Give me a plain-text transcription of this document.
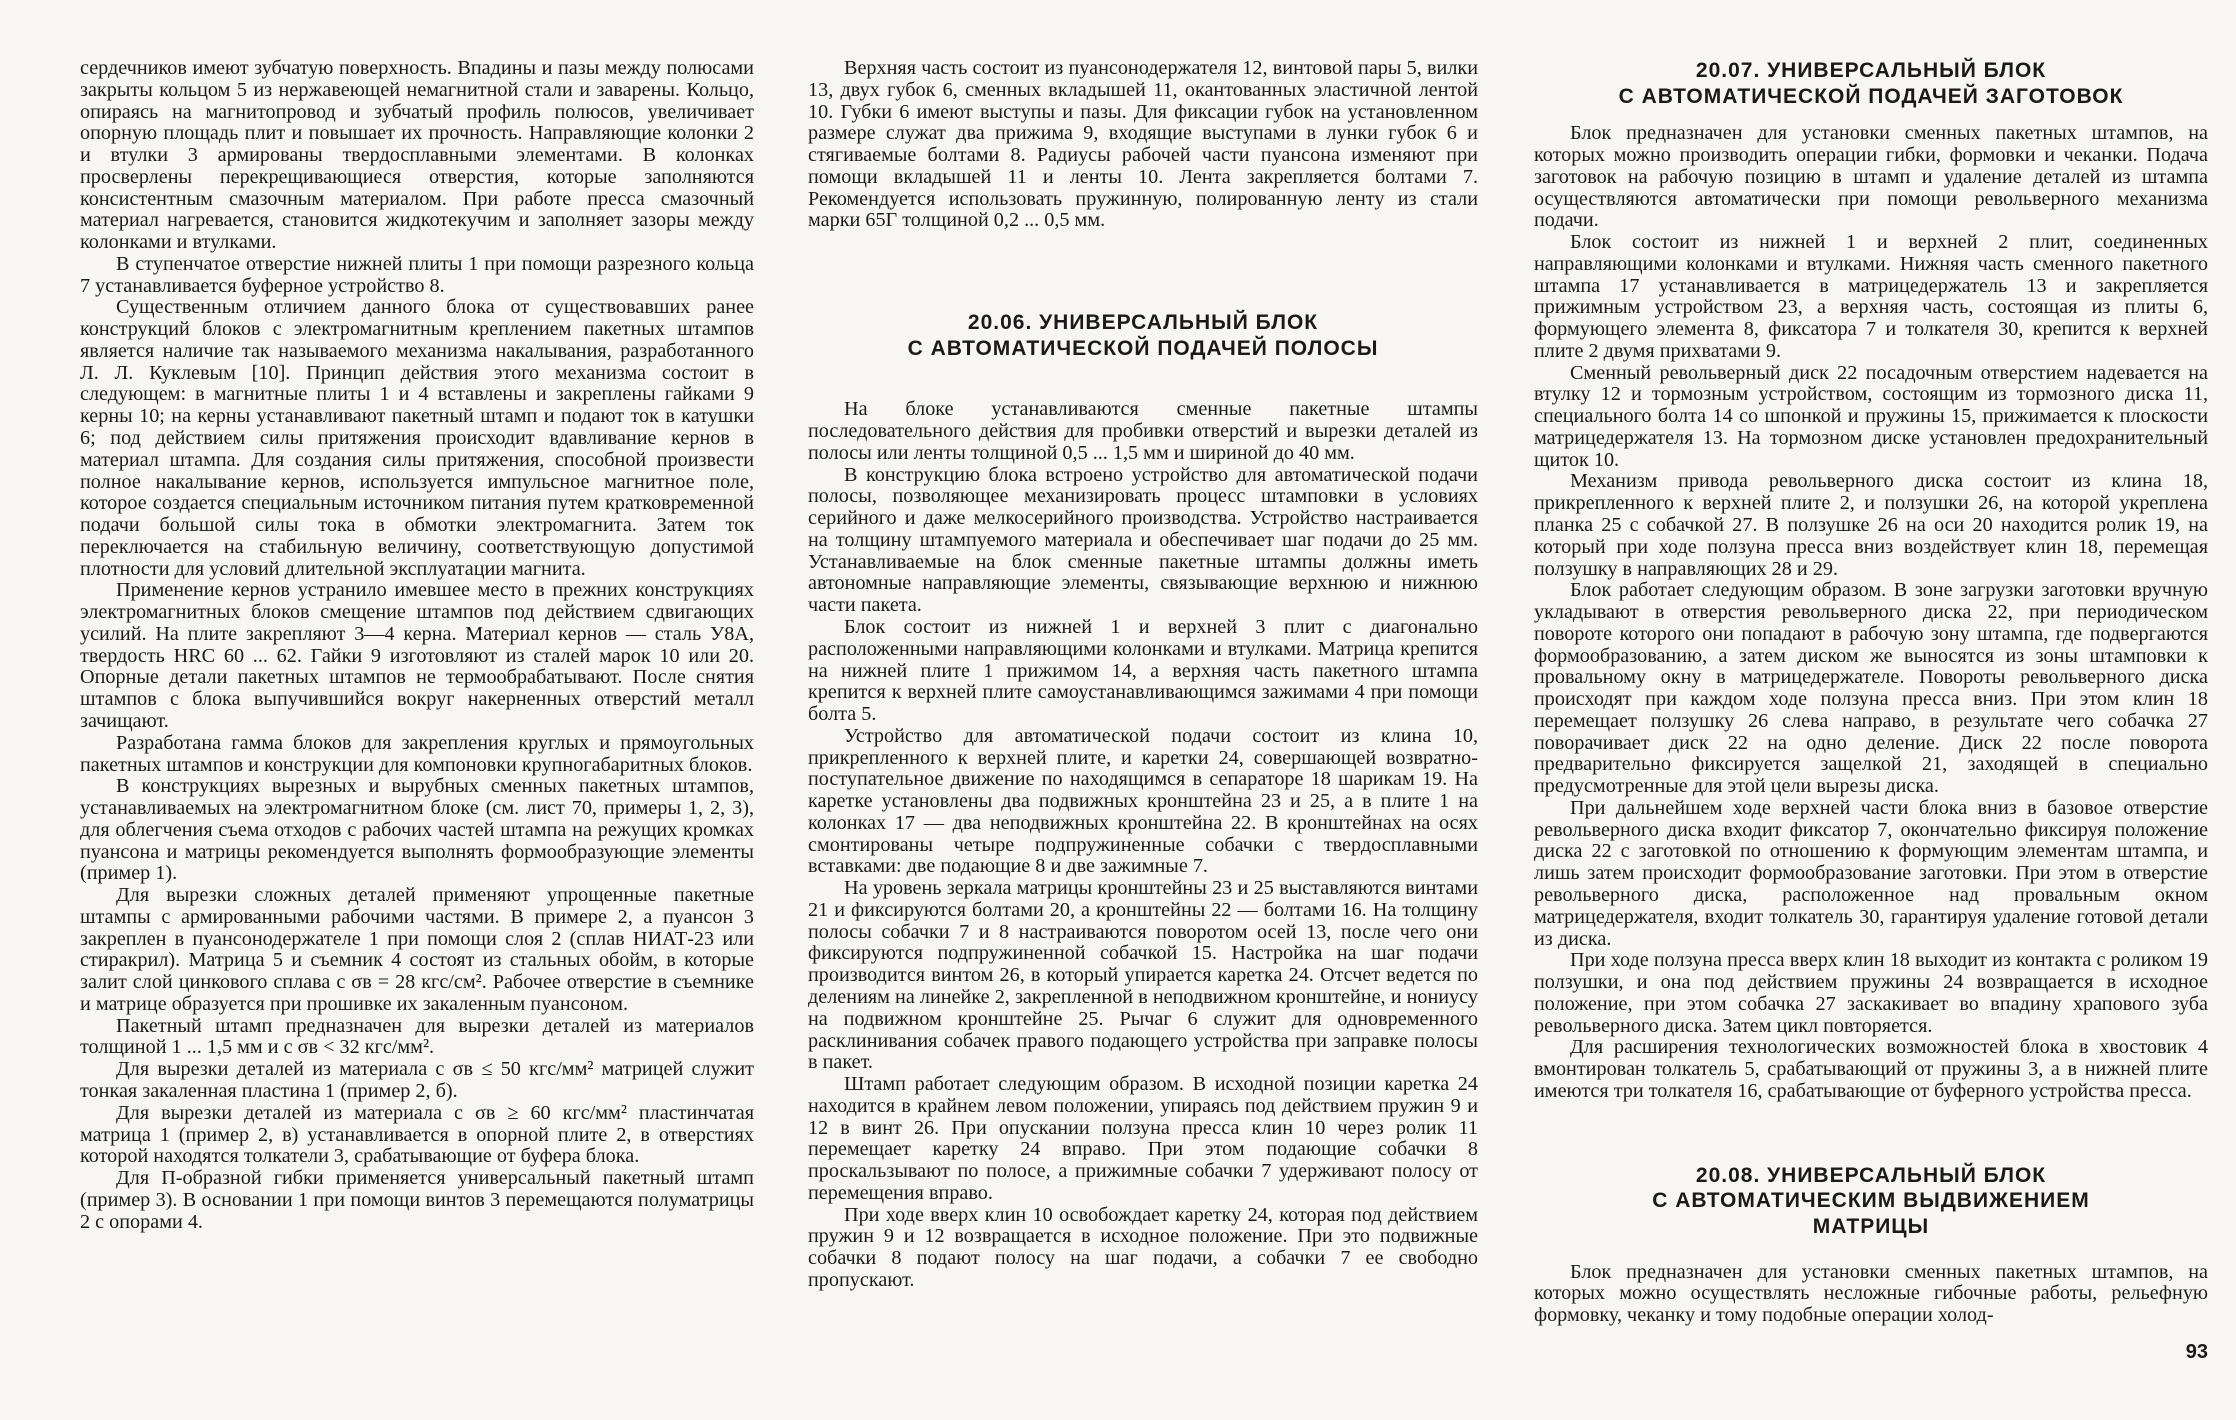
сердечников имеют зубчатую поверхность. Впадины и пазы между полюсами закрыты кольцом 5 из нержавеющей немагнитной стали и заварены. Кольцо, опираясь на магнитопровод и зубчатый профиль полюсов, увеличивает опорную площадь плит и повышает их прочность. Направляющие колонки 2 и втулки 3 армированы твердосплавными элементами. В колонках просверлены перекрещивающиеся отверстия, которые заполняются консистентным смазочным материалом. При работе пресса смазочный материал нагревается, становится жидкотекучим и заполняет зазоры между колонками и втулками.

В ступенчатое отверстие нижней плиты 1 при помощи разрезного кольца 7 устанавливается буферное устройство 8.

Существенным отличием данного блока от существовавших ранее конструкций блоков с электромагнитным креплением пакетных штампов является наличие так называемого механизма накалывания, разработанного Л. Л. Куклевым [10]. Принцип действия этого механизма состоит в следующем: в магнитные плиты 1 и 4 вставлены и закреплены гайками 9 керны 10; на керны устанавливают пакетный штамп и подают ток в катушки 6; под действием силы притяжения происходит вдавливание кернов в материал штампа. Для создания силы притяжения, способной произвести полное накалывание кернов, используется импульсное магнитное поле, которое создается специальным источником питания путем кратковременной подачи большой силы тока в обмотки электромагнита. Затем ток переключается на стабильную величину, соответствующую допустимой плотности для условий длительной эксплуатации магнита.

Применение кернов устранило имевшее место в прежних конструкциях электромагнитных блоков смещение штампов под действием сдвигающих усилий. На плите закрепляют 3—4 керна. Материал кернов — сталь У8А, твердость HRC 60 ... 62. Гайки 9 изготовляют из сталей марок 10 или 20. Опорные детали пакетных штампов не термообрабатывают. После снятия штампов с блока выпучившийся вокруг накерненных отверстий металл зачищают.

Разработана гамма блоков для закрепления круглых и прямоугольных пакетных штампов и конструкции для компоновки крупногабаритных блоков.

В конструкциях вырезных и вырубных сменных пакетных штампов, устанавливаемых на электромагнитном блоке (см. лист 70, примеры 1, 2, 3), для облегчения съема отходов с рабочих частей штампа на режущих кромках пуансона и матрицы рекомендуется выполнять формообразующие элементы (пример 1).

Для вырезки сложных деталей применяют упрощенные пакетные штампы с армированными рабочими частями. В примере 2, а пуансон 3 закреплен в пуансонодержателе 1 при помощи слоя 2 (сплав НИАТ-23 или стиракрил). Матрица 5 и съемник 4 состоят из стальных обойм, в которые залит слой цинкового сплава с σв = 28 кгс/см². Рабочее отверстие в съемнике и матрице образуется при прошивке их закаленным пуансоном.

Пакетный штамп предназначен для вырезки деталей из материалов толщиной 1 ... 1,5 мм и с σв < 32 кгс/мм².

Для вырезки деталей из материала с σв ≤ 50 кгс/мм² матрицей служит тонкая закаленная пластина 1 (пример 2, б).

Для вырезки деталей из материала с σв ≥ 60 кгс/мм² пластинчатая матрица 1 (пример 2, в) устанавливается в опорной плите 2, в отверстиях которой находятся толкатели 3, срабатывающие от буфера блока.

Для П-образной гибки применяется универсальный пакетный штамп (пример 3). В основании 1 при помощи винтов 3 перемещаются полуматрицы 2 с опорами 4.

Верхняя часть состоит из пуансонодержателя 12, винтовой пары 5, вилки 13, двух губок 6, сменных вкладышей 11, окантованных эластичной лентой 10. Губки 6 имеют выступы и пазы. Для фиксации губок на установленном размере служат два прижима 9, входящие выступами в лунки губок 6 и стягиваемые болтами 8. Радиусы рабочей части пуансона изменяют при помощи вкладышей 11 и ленты 10. Лента закрепляется болтами 7. Рекомендуется использовать пружинную, полированную ленту из стали марки 65Г толщиной 0,2 ... 0,5 мм.

20.06. УНИВЕРСАЛЬНЫЙ БЛОК
С АВТОМАТИЧЕСКОЙ ПОДАЧЕЙ ПОЛОСЫ

На блоке устанавливаются сменные пакетные штампы последовательного действия для пробивки отверстий и вырезки деталей из полосы или ленты толщиной 0,5 ... 1,5 мм и шириной до 40 мм.

В конструкцию блока встроено устройство для автоматической подачи полосы, позволяющее механизировать процесс штамповки в условиях серийного и даже мелкосерийного производства. Устройство настраивается на толщину штампуемого материала и обеспечивает шаг подачи до 25 мм. Устанавливаемые на блок сменные пакетные штампы должны иметь автономные направляющие элементы, связывающие верхнюю и нижнюю части пакета.

Блок состоит из нижней 1 и верхней 3 плит с диагонально расположенными направляющими колонками и втулками. Матрица крепится на нижней плите 1 прижимом 14, а верхняя часть пакетного штампа крепится к верхней плите самоустанавливающимся зажимами 4 при помощи болта 5.

Устройство для автоматической подачи состоит из клина 10, прикрепленного к верхней плите, и каретки 24, совершающей возвратно-поступательное движение по находящимся в сепараторе 18 шарикам 19. На каретке установлены два подвижных кронштейна 23 и 25, а в плите 1 на колонках 17 — два неподвижных кронштейна 22. В кронштейнах на осях смонтированы четыре подпружиненные собачки с твердосплавными вставками: две подающие 8 и две зажимные 7.

На уровень зеркала матрицы кронштейны 23 и 25 выставляются винтами 21 и фиксируются болтами 20, а кронштейны 22 — болтами 16. На толщину полосы собачки 7 и 8 настраиваются поворотом осей 13, после чего они фиксируются подпружиненной собачкой 15. Настройка на шаг подачи производится винтом 26, в который упирается каретка 24. Отсчет ведется по делениям на линейке 2, закрепленной в неподвижном кронштейне, и нониусу на подвижном кронштейне 25. Рычаг 6 служит для одновременного расклинивания собачек правого подающего устройства при заправке полосы в пакет.

Штамп работает следующим образом. В исходной позиции каретка 24 находится в крайнем левом положении, упираясь под действием пружин 9 и 12 в винт 26. При опускании ползуна пресса клин 10 через ролик 11 перемещает каретку 24 вправо. При этом подающие собачки 8 проскальзывают по полосе, а прижимные собачки 7 удерживают полосу от перемещения вправо.

При ходе вверх клин 10 освобождает каретку 24, которая под действием пружин 9 и 12 возвращается в исходное положение. При это подвижные собачки 8 подают полосу на шаг подачи, а собачки 7 ее свободно пропускают.

20.07. УНИВЕРСАЛЬНЫЙ БЛОК
С АВТОМАТИЧЕСКОЙ ПОДАЧЕЙ ЗАГОТОВОК

Блок предназначен для установки сменных пакетных штампов, на которых можно производить операции гибки, формовки и чеканки. Подача заготовок на рабочую позицию в штамп и удаление деталей из штампа осуществляются автоматически при помощи револьверного механизма подачи.

Блок состоит из нижней 1 и верхней 2 плит, соединенных направляющими колонками и втулками. Нижняя часть сменного пакетного штампа 17 устанавливается в матрицедержатель 13 и закрепляется прижимным устройством 23, а верхняя часть, состоящая из плиты 6, формующего элемента 8, фиксатора 7 и толкателя 30, крепится к верхней плите 2 двумя прихватами 9.

Сменный револьверный диск 22 посадочным отверстием надевается на втулку 12 и тормозным устройством, состоящим из тормозного диска 11, специального болта 14 со шпонкой и пружины 15, прижимается к плоскости матрицедержателя 13. На тормозном диске установлен предохранительный щиток 10.

Механизм привода револьверного диска состоит из клина 18, прикрепленного к верхней плите 2, и ползушки 26, на которой укреплена планка 25 с собачкой 27. В ползушке 26 на оси 20 находится ролик 19, на который при ходе ползуна пресса вниз воздействует клин 18, перемещая ползушку в направляющих 28 и 29.

Блок работает следующим образом. В зоне загрузки заготовки вручную укладывают в отверстия револьверного диска 22, при периодическом повороте которого они попадают в рабочую зону штампа, где подвергаются формообразованию, а затем диском же выносятся из зоны штамповки к провальному окну в матрицедержателе. Повороты револьверного диска происходят при каждом ходе ползуна пресса вниз. При этом клин 18 перемещает ползушку 26 слева направо, в результате чего собачка 27 поворачивает диск 22 на одно деление. Диск 22 после поворота предварительно фиксируется защелкой 21, заходящей в специально предусмотренные для этой цели вырезы диска.

При дальнейшем ходе верхней части блока вниз в базовое отверстие револьверного диска входит фиксатор 7, окончательно фиксируя положение диска 22 с заготовкой по отношению к формующим элементам штампа, и лишь затем происходит формообразование заготовки. При этом в отверстие револьверного диска, расположенное над провальным окном матрицедержателя, входит толкатель 30, гарантируя удаление готовой детали из диска.

При ходе ползуна пресса вверх клин 18 выходит из контакта с роликом 19 ползушки, и она под действием пружины 24 возвращается в исходное положение, при этом собачка 27 заскакивает во впадину храпового зуба револьверного диска. Затем цикл повторяется.

Для расширения технологических возможностей блока в хвостовик 4 вмонтирован толкатель 5, срабатывающий от пружины 3, а в нижней плите имеются три толкателя 16, срабатывающие от буферного устройства пресса.

20.08. УНИВЕРСАЛЬНЫЙ БЛОК
С АВТОМАТИЧЕСКИМ ВЫДВИЖЕНИЕМ
МАТРИЦЫ

Блок предназначен для установки сменных пакетных штампов, на которых можно осуществлять несложные гибочные работы, рельефную формовку, чеканку и тому подобные операции холод-

93
